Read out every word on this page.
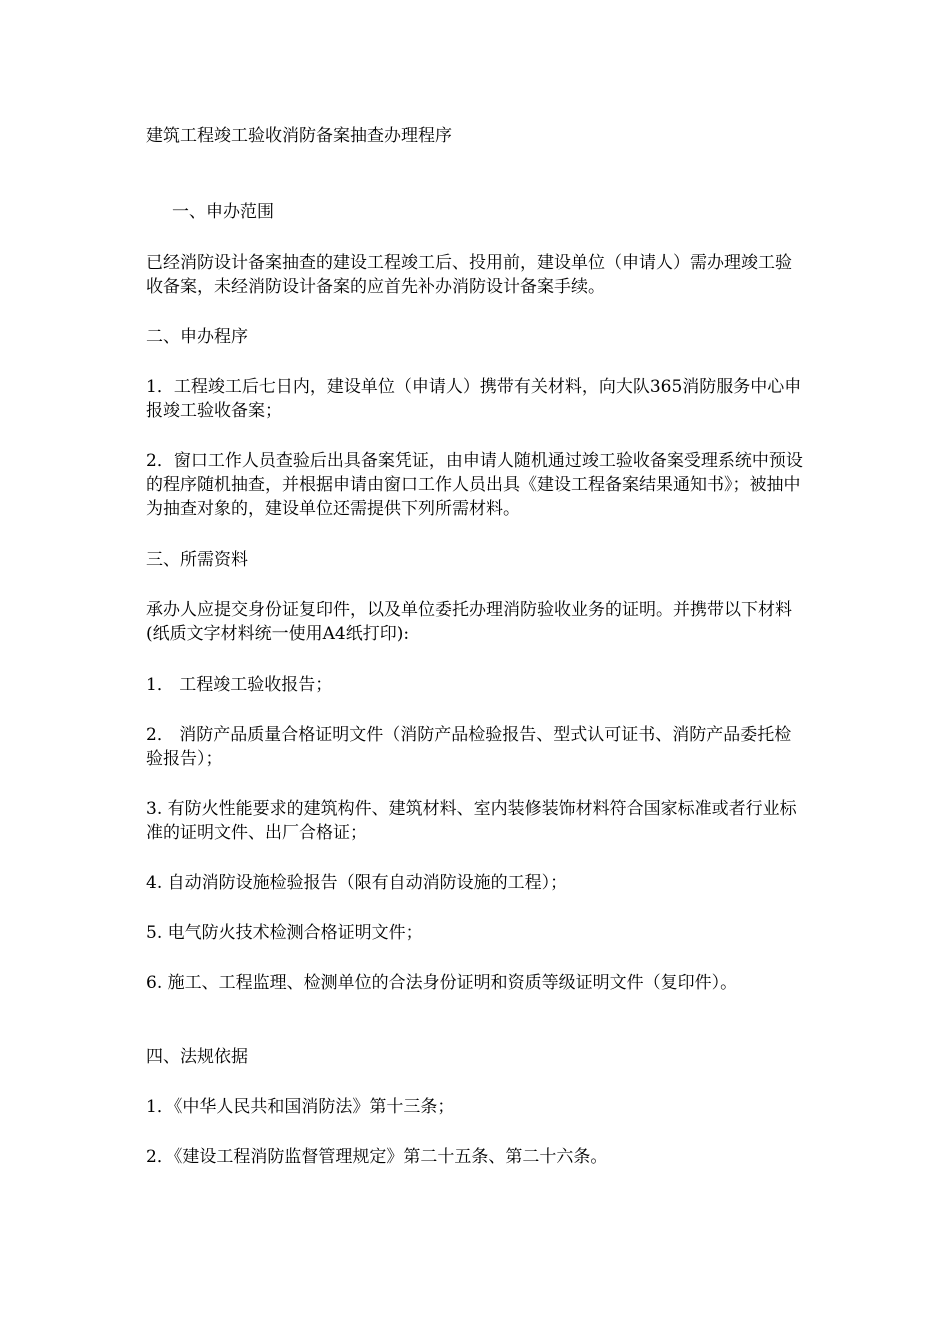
建筑工程竣工验收消防备案抽查办理程序
一、申办范围
已经消防设计备案抽查的建设工程竣工后、投用前，建设单位（申请人）需办理竣工验收备案，未经消防设计备案的应首先补办消防设计备案手续。
二、申办程序
1．工程竣工后七日内，建设单位（申请人）携带有关材料，向大队365消防服务中心申报竣工验收备案；
2．窗口工作人员查验后出具备案凭证，由申请人随机通过竣工验收备案受理系统中预设的程序随机抽查，并根据申请由窗口工作人员出具《建设工程备案结果通知书》；被抽中为抽查对象的，建设单位还需提供下列所需材料。
三、所需资料
承办人应提交身份证复印件，以及单位委托办理消防验收业务的证明。并携带以下材料(纸质文字材料统一使用A4纸打印):
1． 工程竣工验收报告；
2． 消防产品质量合格证明文件（消防产品检验报告、型式认可证书、消防产品委托检验报告）；
3. 有防火性能要求的建筑构件、建筑材料、室内装修装饰材料符合国家标准或者行业标准的证明文件、出厂合格证；
4. 自动消防设施检验报告（限有自动消防设施的工程）；
5. 电气防火技术检测合格证明文件；
6. 施工、工程监理、检测单位的合法身份证明和资质等级证明文件（复印件）。
四、法规依据
1．《中华人民共和国消防法》第十三条；
2．《建设工程消防监督管理规定》第二十五条、第二十六条。
